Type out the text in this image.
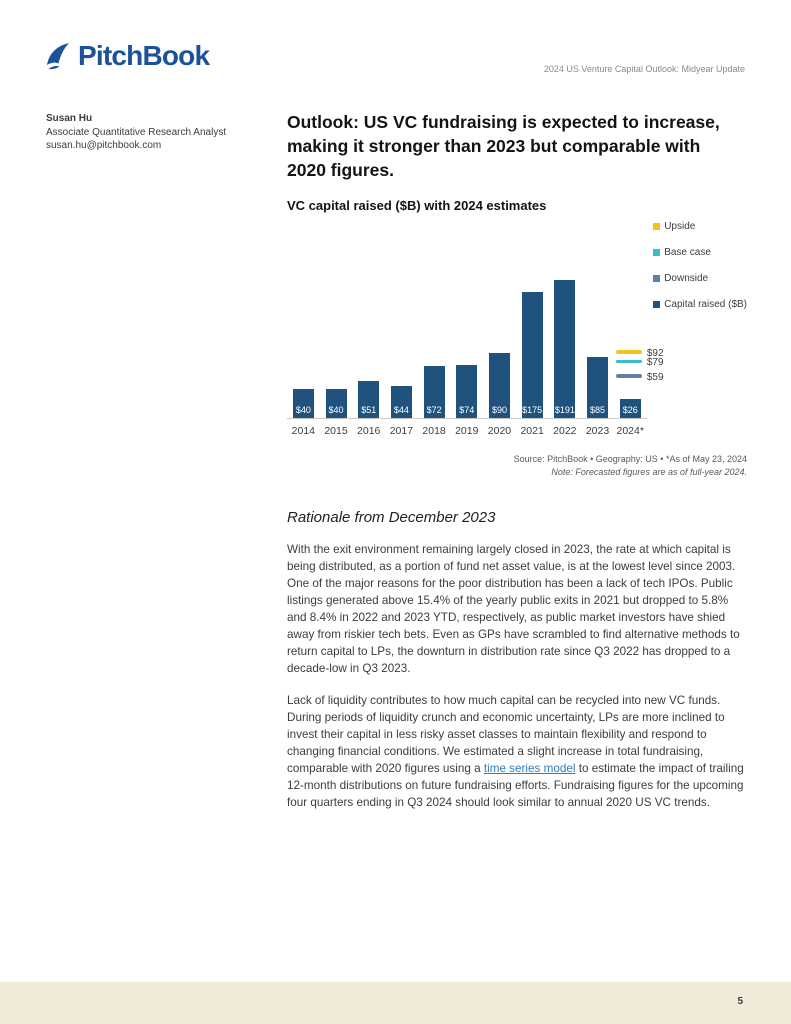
PitchBook	2024 US Venture Capital Outlook: Midyear Update
Susan Hu
Associate Quantitative Research Analyst
susan.hu@pitchbook.com
Outlook: US VC fundraising is expected to increase, making it stronger than 2023 but comparable with 2020 figures.
VC capital raised ($B) with 2024 estimates
$40 $40 $51 $44 $72 $74 $90 $175 $191 $85 $26
$92
$79
$59
2014 2015 2016 2017 2018 2019 2020 2021 2022 2023 2024*
Upside
Base case
Downside
Capital raised ($B)
Source: PitchBook • Geography: US • *As of May 23, 2024
Note: Forecasted figures are as of full-year 2024.
Rationale from December 2023

With the exit environment remaining largely closed in 2023, the rate at which capital is being distributed, as a portion of fund net asset value, is at the lowest level since 2003. One of the major reasons for the poor distribution has been a lack of tech IPOs. Public listings generated above 15.4% of the yearly public exits in 2021 but dropped to 5.8% and 8.4% in 2022 and 2023 YTD, respectively, as public market investors have shied away from riskier tech bets. Even as GPs have scrambled to find alternative methods to return capital to LPs, the downturn in distribution rate since Q3 2022 has dropped to a decade-low in Q3 2023.

Lack of liquidity contributes to how much capital can be recycled into new VC funds. During periods of liquidity crunch and economic uncertainty, LPs are more inclined to invest their capital in less risky asset classes to maintain flexibility and respond to changing financial conditions. We estimated a slight increase in total fundraising, comparable with 2020 figures using a time series model to estimate the impact of trailing 12-month distributions on future fundraising efforts. Fundraising figures for the upcoming four quarters ending in Q3 2024 should look similar to annual 2020 US VC trends.

5
